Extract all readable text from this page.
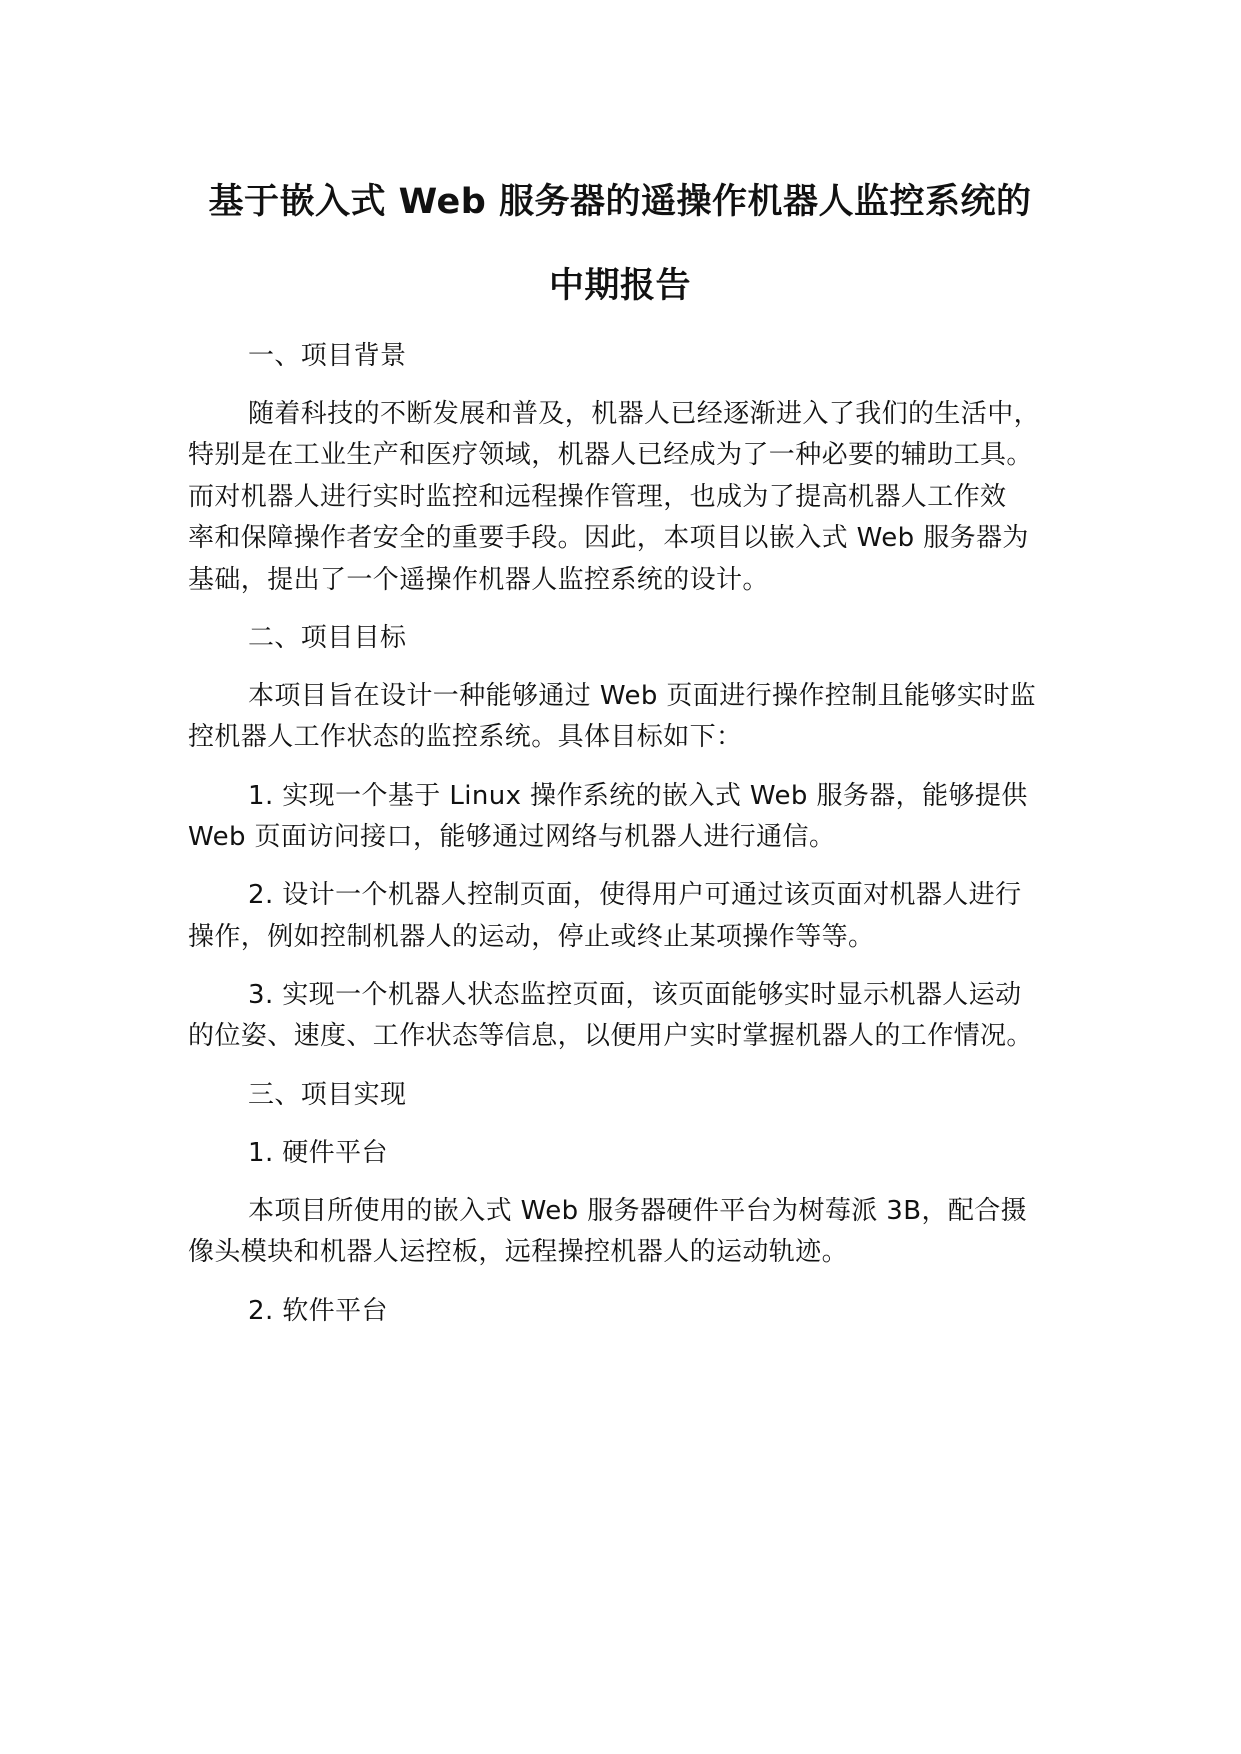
基于嵌入式 Web 服务器的遥操作机器人监控系统的
中期报告

一、项目背景

随着科技的不断发展和普及，机器人已经逐渐进入了我们的生活中，

特别是在工业生产和医疗领域，机器人已经成为了一种必要的辅助工具。

而对机器人进行实时监控和远程操作管理，也成为了提高机器人工作效

率和保障操作者安全的重要手段。因此，本项目以嵌入式 Web 服务器为

基础，提出了一个遥操作机器人监控系统的设计。

二、项目目标

本项目旨在设计一种能够通过 Web 页面进行操作控制且能够实时监

控机器人工作状态的监控系统。具体目标如下：

1. 实现一个基于 Linux 操作系统的嵌入式 Web 服务器，能够提供

Web 页面访问接口，能够通过网络与机器人进行通信。

2. 设计一个机器人控制页面，使得用户可通过该页面对机器人进行

操作，例如控制机器人的运动，停止或终止某项操作等等。

3. 实现一个机器人状态监控页面，该页面能够实时显示机器人运动

的位姿、速度、工作状态等信息，以便用户实时掌握机器人的工作情况。

三、项目实现

1. 硬件平台

本项目所使用的嵌入式 Web 服务器硬件平台为树莓派 3B，配合摄

像头模块和机器人运控板，远程操控机器人的运动轨迹。

2. 软件平台
